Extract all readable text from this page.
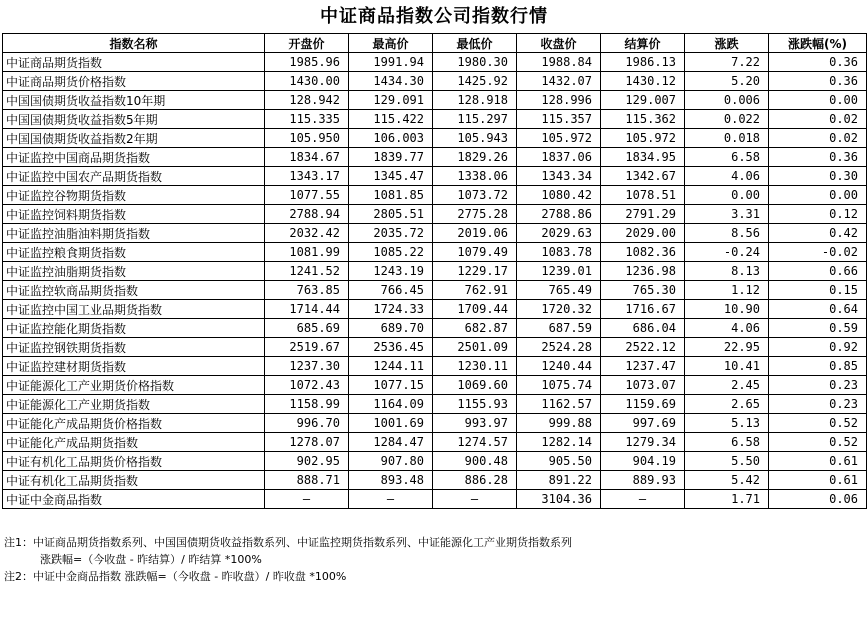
中证商品指数公司指数行情
指数名称	开盘价	最高价	最低价	收盘价	结算价	涨跌	涨跌幅(%)
中证商品期货指数	1985.96	1991.94	1980.30	1988.84	1986.13	7.22	0.36
中证商品期货价格指数	1430.00	1434.30	1425.92	1432.07	1430.12	5.20	0.36
中国国债期货收益指数10年期	128.942	129.091	128.918	128.996	129.007	0.006	0.00
中国国债期货收益指数5年期	115.335	115.422	115.297	115.357	115.362	0.022	0.02
中国国债期货收益指数2年期	105.950	106.003	105.943	105.972	105.972	0.018	0.02
中证监控中国商品期货指数	1834.67	1839.77	1829.26	1837.06	1834.95	6.58	0.36
中证监控中国农产品期货指数	1343.17	1345.47	1338.06	1343.34	1342.67	4.06	0.30
中证监控谷物期货指数	1077.55	1081.85	1073.72	1080.42	1078.51	0.00	0.00
中证监控饲料期货指数	2788.94	2805.51	2775.28	2788.86	2791.29	3.31	0.12
中证监控油脂油料期货指数	2032.42	2035.72	2019.06	2029.63	2029.00	8.56	0.42
中证监控粮食期货指数	1081.99	1085.22	1079.49	1083.78	1082.36	-0.24	-0.02
中证监控油脂期货指数	1241.52	1243.19	1229.17	1239.01	1236.98	8.13	0.66
中证监控软商品期货指数	763.85	766.45	762.91	765.49	765.30	1.12	0.15
中证监控中国工业品期货指数	1714.44	1724.33	1709.44	1720.32	1716.67	10.90	0.64
中证监控能化期货指数	685.69	689.70	682.87	687.59	686.04	4.06	0.59
中证监控钢铁期货指数	2519.67	2536.45	2501.09	2524.28	2522.12	22.95	0.92
中证监控建材期货指数	1237.30	1244.11	1230.11	1240.44	1237.47	10.41	0.85
中证能源化工产业期货价格指数	1072.43	1077.15	1069.60	1075.74	1073.07	2.45	0.23
中证能源化工产业期货指数	1158.99	1164.09	1155.93	1162.57	1159.69	2.65	0.23
中证能化产成品期货价格指数	996.70	1001.69	993.97	999.88	997.69	5.13	0.52
中证能化产成品期货指数	1278.07	1284.47	1274.57	1282.14	1279.34	6.58	0.52
中证有机化工品期货价格指数	902.95	907.80	900.48	905.50	904.19	5.50	0.61
中证有机化工品期货指数	888.71	893.48	886.28	891.22	889.93	5.42	0.61
中证中金商品指数	—	—	—	3104.36	—	1.71	0.06
注1：中证商品期货指数系列、中国国债期货收益指数系列、中证监控期货指数系列、中证能源化工产业期货指数系列
涨跌幅=（今收盘 - 昨结算）/ 昨结算 *100%
注2：中证中金商品指数 涨跌幅=（今收盘 - 昨收盘）/ 昨收盘 *100%
